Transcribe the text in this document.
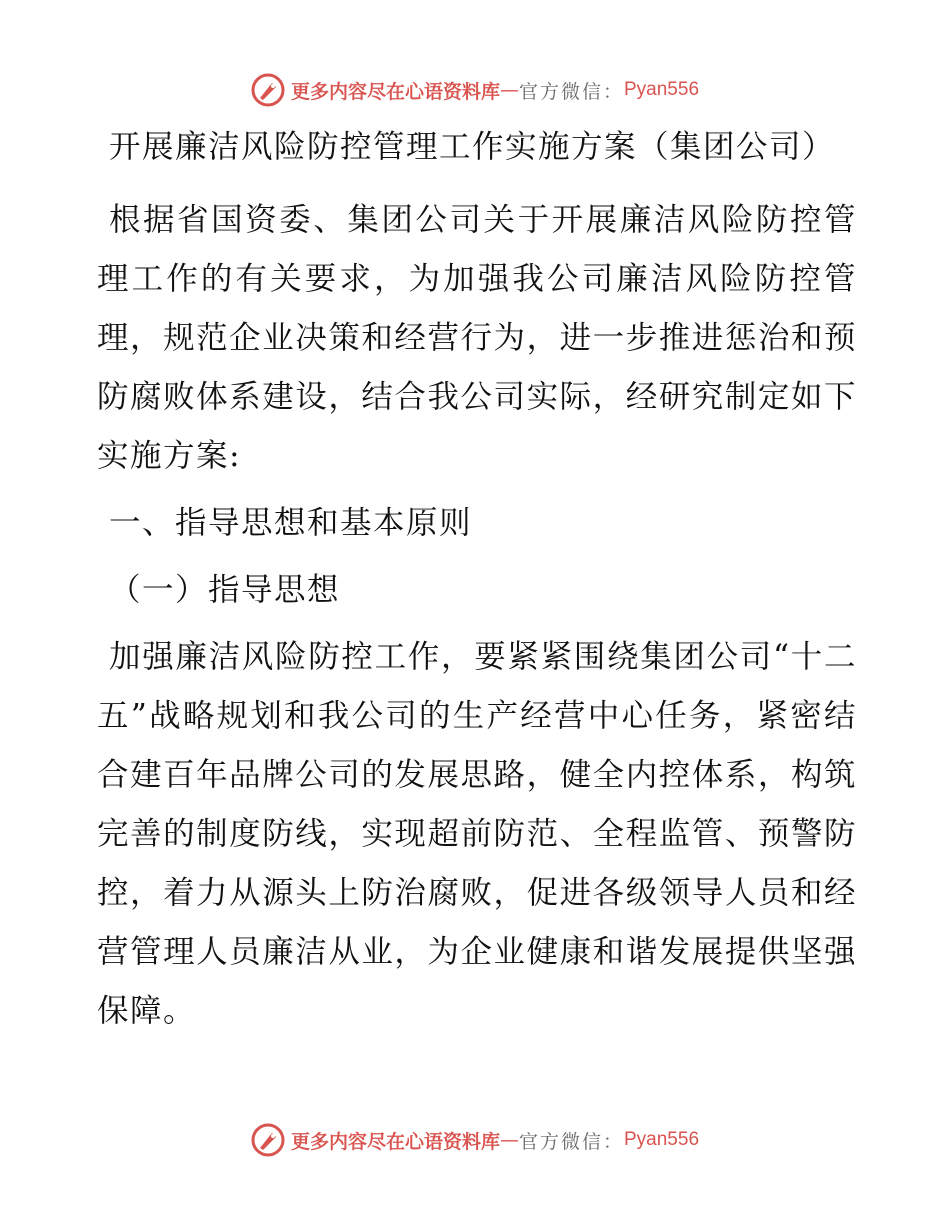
更多内容尽在心语资料库 — 官方微信： Pyan556

开展廉洁风险防控管理工作实施方案（集团公司）

根据省国资委、集团公司关于开展廉洁风险防控管理工作的有关要求，为加强我公司廉洁风险防控管理，规范企业决策和经营行为，进一步推进惩治和预防腐败体系建设，结合我公司实际，经研究制定如下实施方案:

一、指导思想和基本原则

（一）指导思想

加强廉洁风险防控工作，要紧紧围绕集团公司“十二五”战略规划和我公司的生产经营中心任务，紧密结合建百年品牌公司的发展思路，健全内控体系，构筑完善的制度防线，实现超前防范、全程监管、预警防控，着力从源头上防治腐败，促进各级领导人员和经营管理人员廉洁从业，为企业健康和谐发展提供坚强保障。

更多内容尽在心语资料库 — 官方微信： Pyan556
